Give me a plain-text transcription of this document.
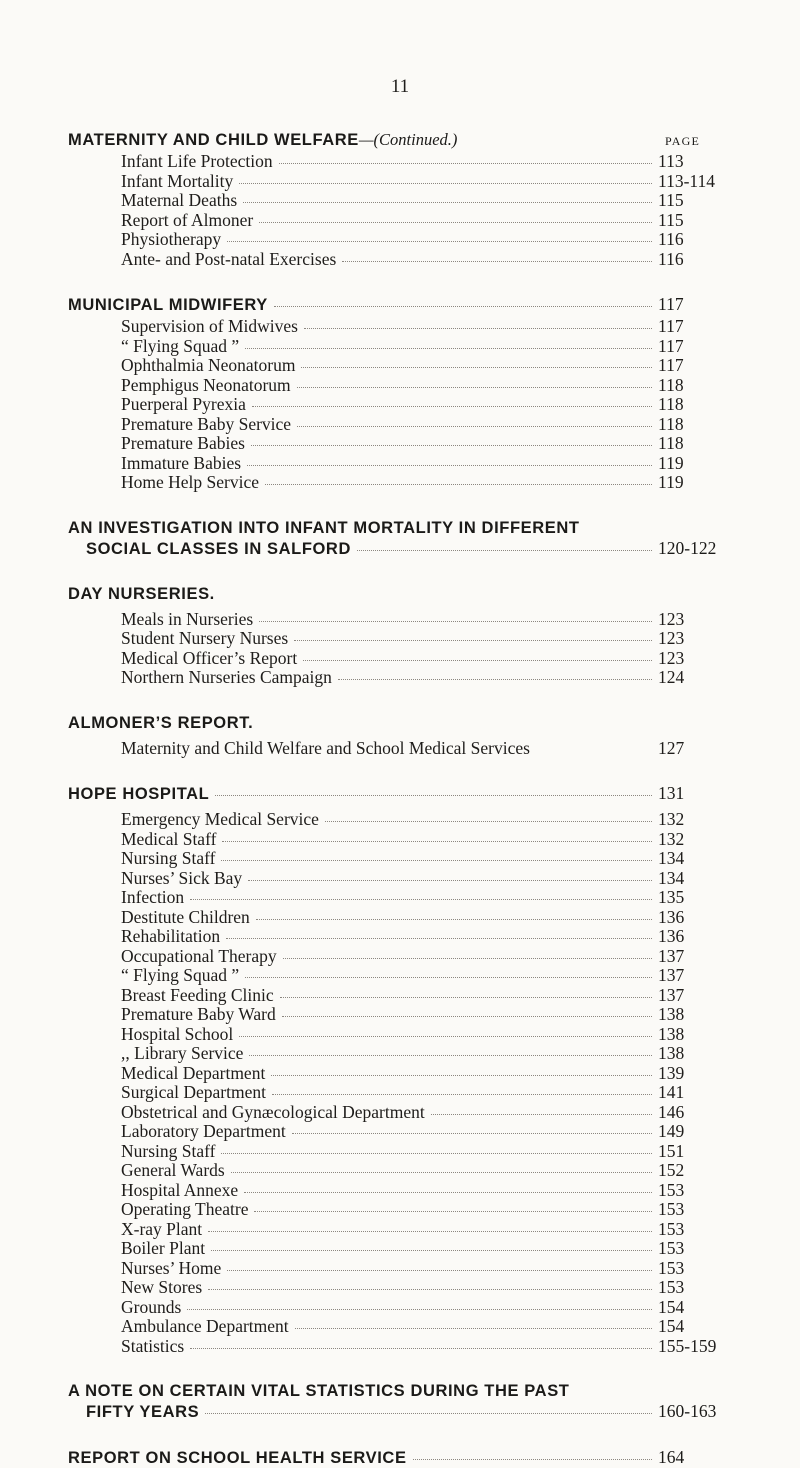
11
MATERNITY AND CHILD WELFARE—(Continued.)	PAGE
Infant Life Protection	113
Infant Mortality	113-114
Maternal Deaths	115
Report of Almoner	115
Physiotherapy	116
Ante- and Post-natal Exercises	116
MUNICIPAL MIDWIFERY	117
Supervision of Midwives	117
“ Flying Squad ”	117
Ophthalmia Neonatorum	117
Pemphigus Neonatorum	118
Puerperal Pyrexia	118
Premature Baby Service	118
Premature Babies	118
Immature Babies	119
Home Help Service	119
AN INVESTIGATION INTO INFANT MORTALITY IN DIFFERENT
SOCIAL CLASSES IN SALFORD	120-122
DAY NURSERIES.
Meals in Nurseries	123
Student Nursery Nurses	123
Medical Officer’s Report	123
Northern Nurseries Campaign	124
ALMONER’S REPORT.
Maternity and Child Welfare and School Medical Services	127
HOPE HOSPITAL	131
Emergency Medical Service	132
Medical Staff	132
Nursing Staff	134
Nurses’ Sick Bay	134
Infection	135
Destitute Children	136
Rehabilitation	136
Occupational Therapy	137
“ Flying Squad ”	137
Breast Feeding Clinic	137
Premature Baby Ward	138
Hospital School	138
,, Library Service	138
Medical Department	139
Surgical Department	141
Obstetrical and Gynæcological Department	146
Laboratory Department	149
Nursing Staff	151
General Wards	152
Hospital Annexe	153
Operating Theatre	153
X-ray Plant	153
Boiler Plant	153
Nurses’ Home	153
New Stores	153
Grounds	154
Ambulance Department	154
Statistics	155-159
A NOTE ON CERTAIN VITAL STATISTICS DURING THE PAST
FIFTY YEARS	160-163
REPORT ON SCHOOL HEALTH SERVICE	164
